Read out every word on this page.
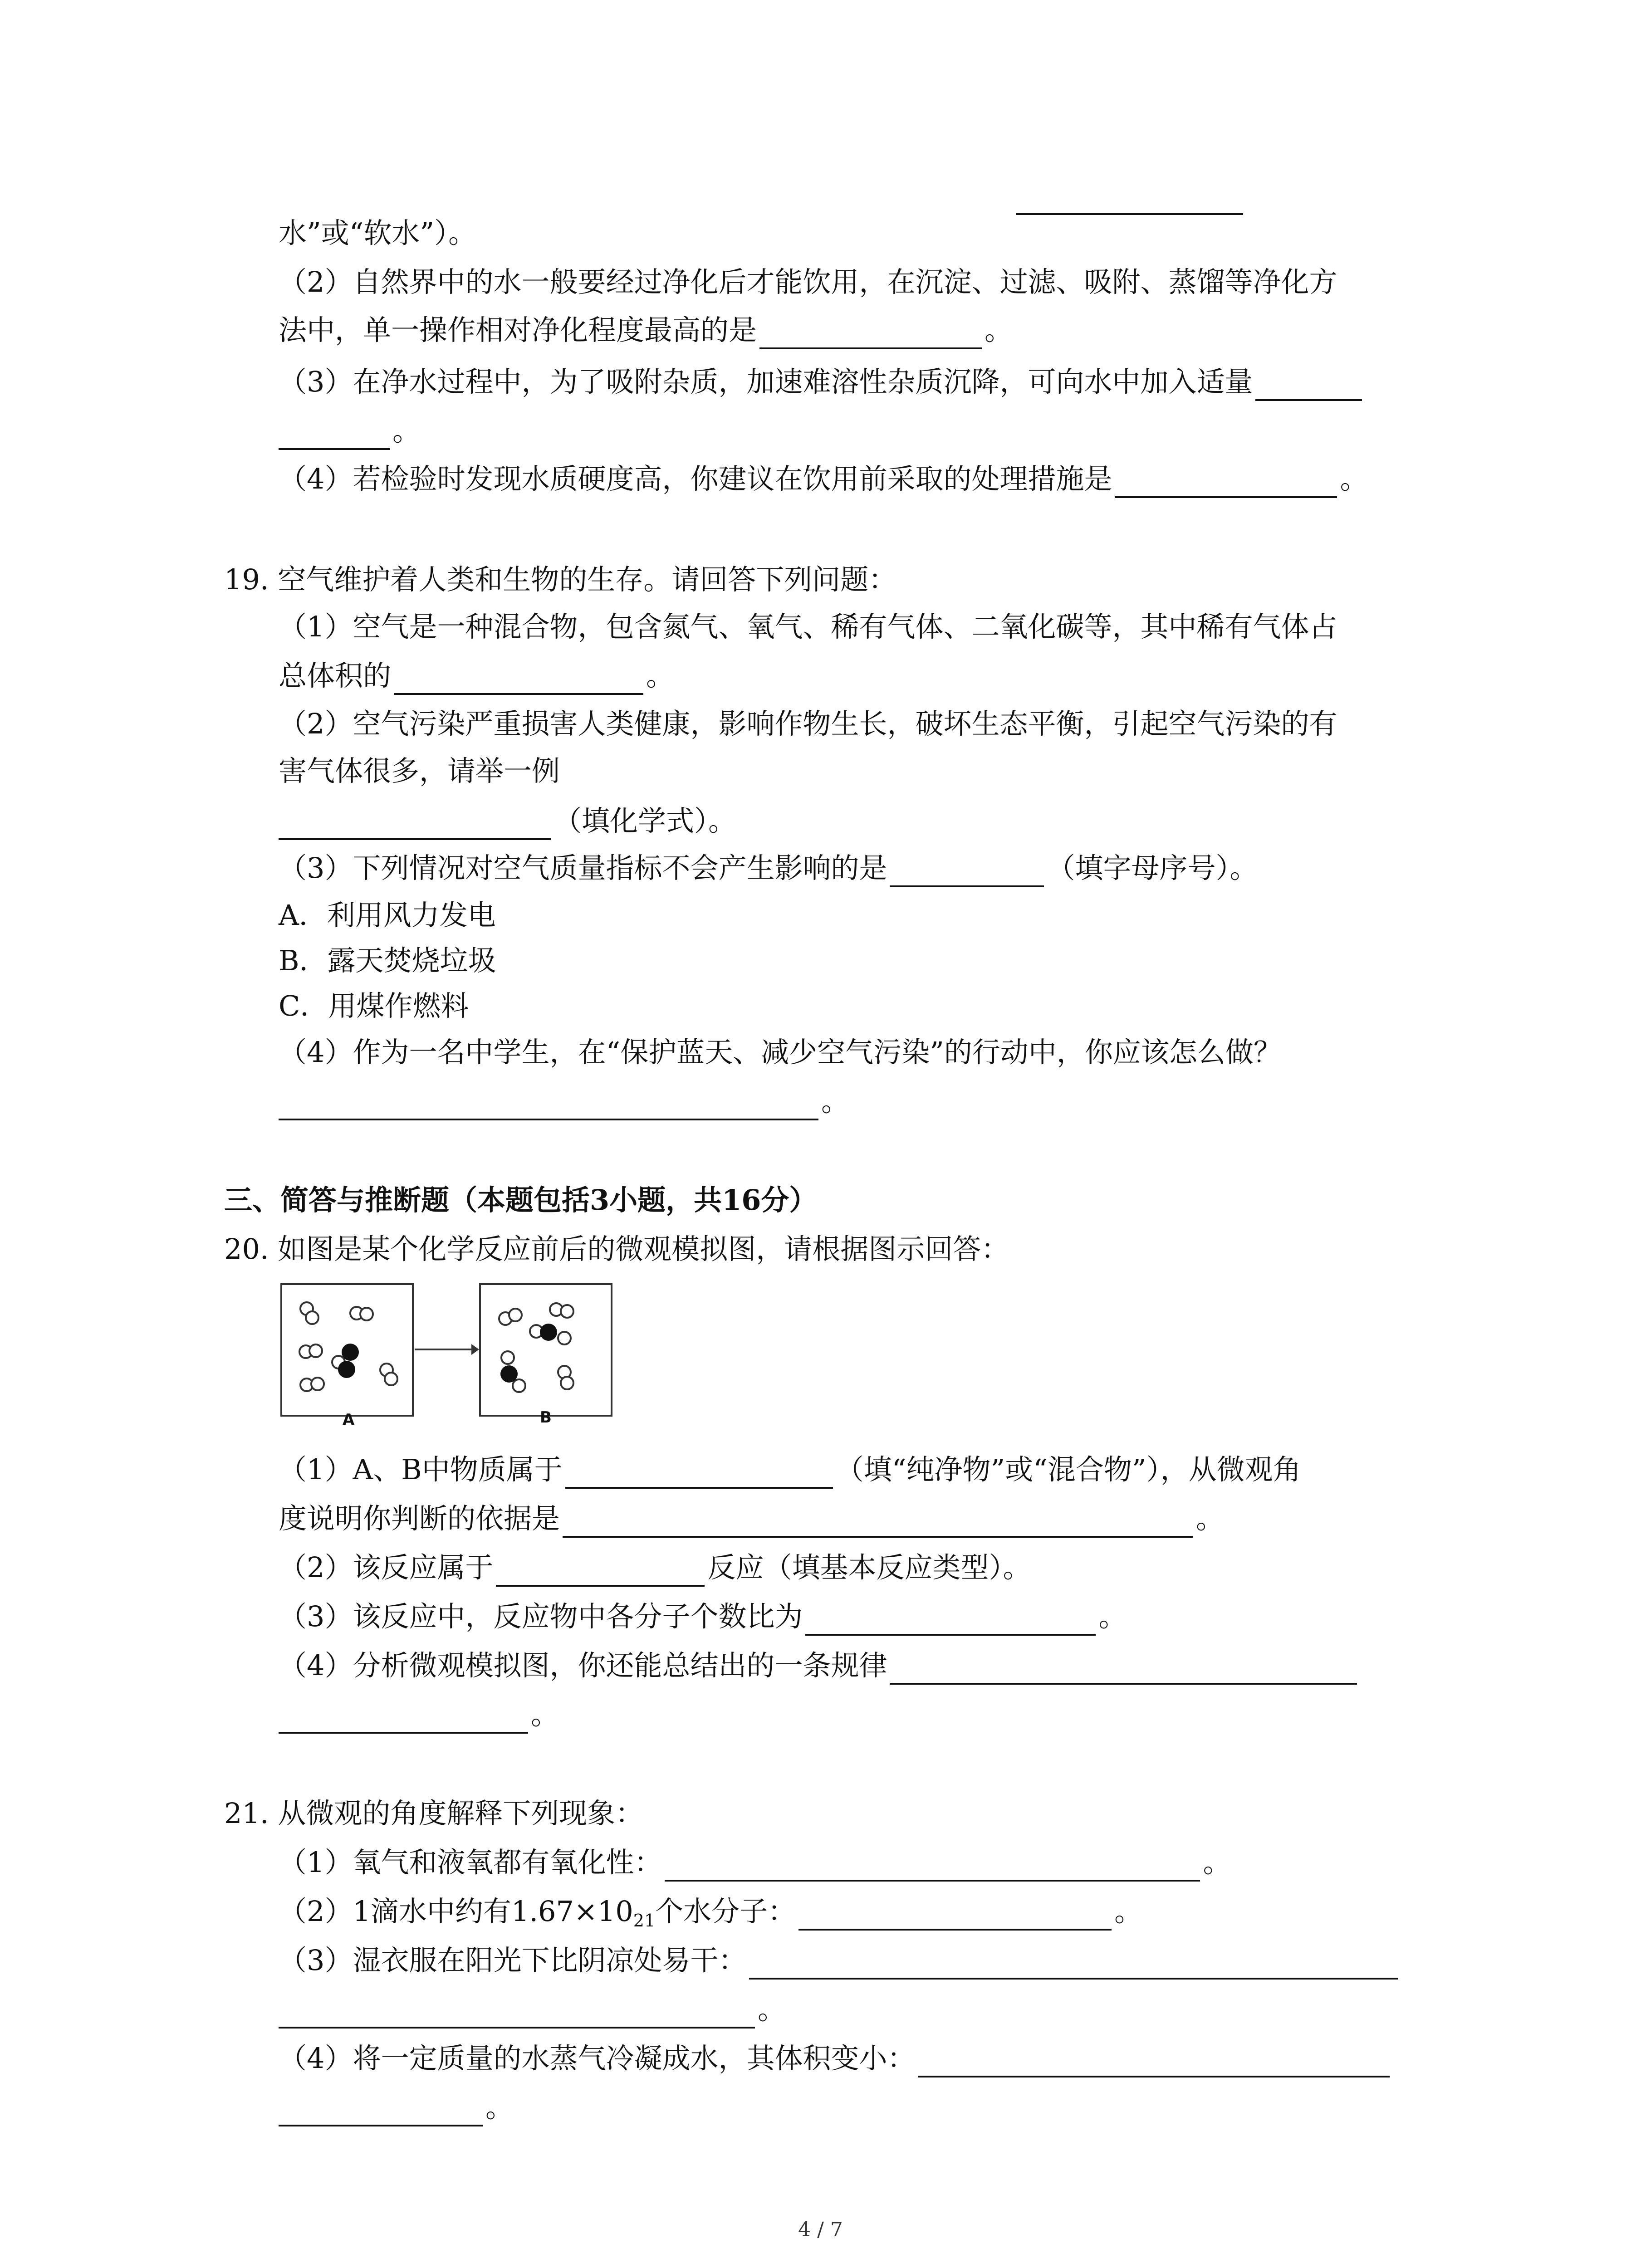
水”或“软水”）。
（2）自然界中的水一般要经过净化后才能饮用，在沉淀、过滤、吸附、蒸馏等净化方
法中，单一操作相对净化程度最高的是	。
（3）在净水过程中，为了吸附杂质，加速难溶性杂质沉降，可向水中加入适量
。
（4）若检验时发现水质硬度高，你建议在饮用前采取的处理措施是	。
19. 空气维护着人类和生物的生存。请回答下列问题：
（1）空气是一种混合物，包含氮气、氧气、稀有气体、二氧化碳等，其中稀有气体占
总体积的	。
（2）空气污染严重损害人类健康，影响作物生长，破坏生态平衡，引起空气污染的有
害气体很多，请举一例
（填化学式）。
（3）下列情况对空气质量指标不会产生影响的是	（填字母序号）。
A．利用风力发电
B．露天焚烧垃圾
C．用煤作燃料
（4）作为一名中学生，在“保护蓝天、减少空气污染”的行动中，你应该怎么做？
。
三、简答与推断题（本题包括3小题，共16分）
20. 如图是某个化学反应前后的微观模拟图，请根据图示回答：
A	B
（1）A、B中物质属于	（填“纯净物”或“混合物”），从微观角
度说明你判断的依据是	。
（2）该反应属于	反应（填基本反应类型）。
（3）该反应中，反应物中各分子个数比为	。
（4）分析微观模拟图，你还能总结出的一条规律
。
21. 从微观的角度解释下列现象：
（1）氧气和液氧都有氧化性：	。
（2）1滴水中约有$1.67\times 10^{21}$ 个水分子：	。
（3）湿衣服在阳光下比阴凉处易干：
。
（4）将一定质量的水蒸气冷凝成水，其体积变小：
。
4 / 7
